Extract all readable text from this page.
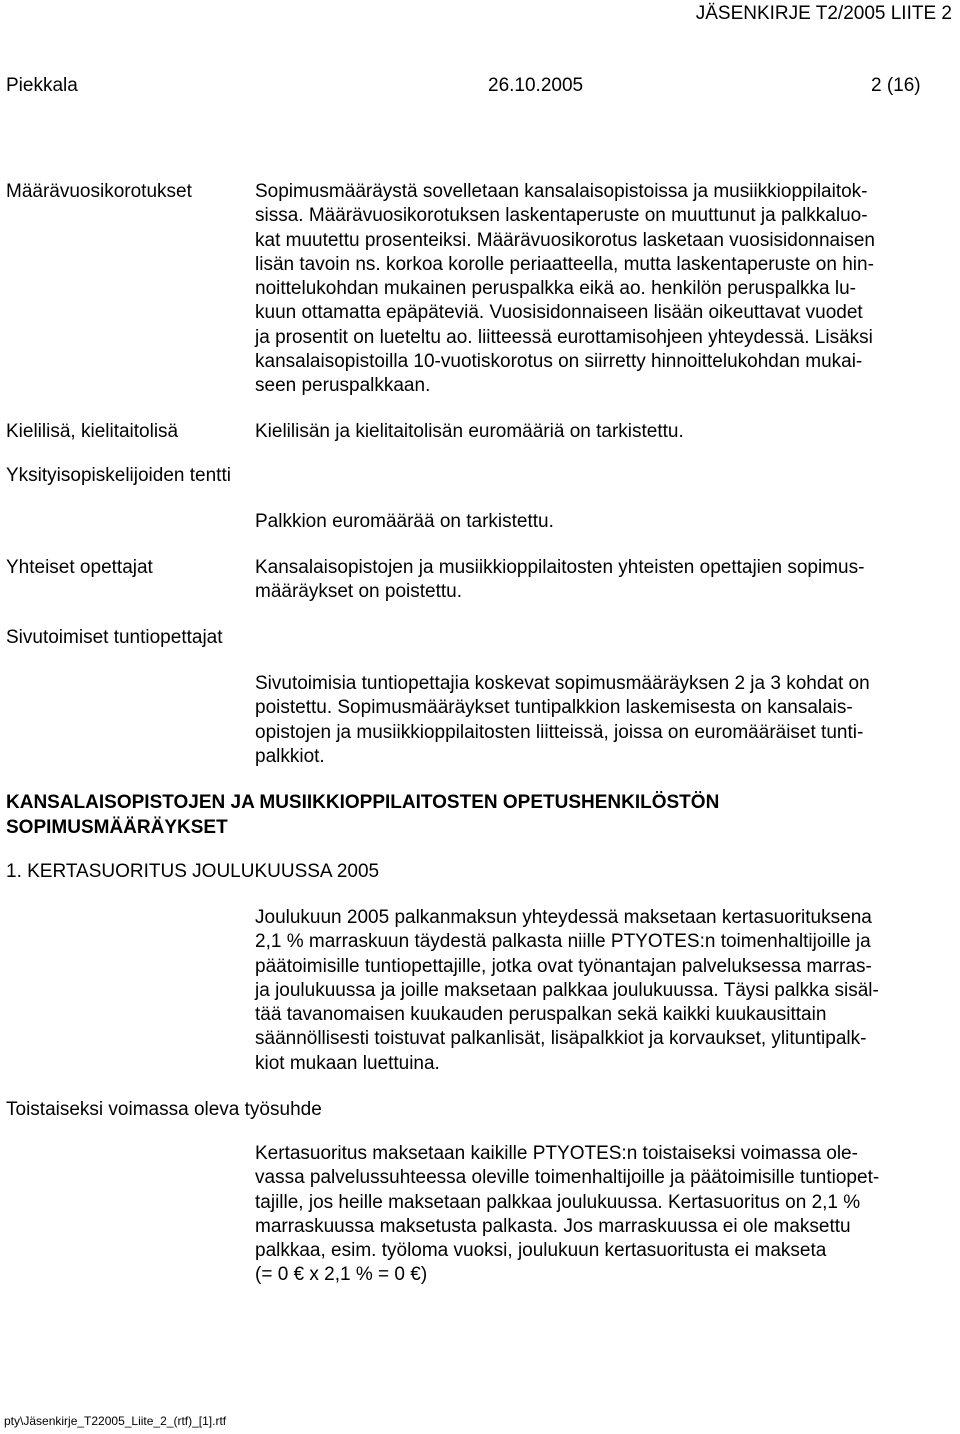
JÄSENKIRJE T2/2005 LIITE 2
Piekkala	26.10.2005	2 (16)
Määrävuosikorotukset	Sopimusmääräystä sovelletaan kansalaisopistoissa ja musiikkioppilaitok-
sissa. Määrävuosikorotuksen laskentaperuste on muuttunut ja palkkaluo-
kat muutettu prosenteiksi. Määrävuosikorotus lasketaan vuosisidonnaisen
lisän tavoin ns. korkoa korolle periaatteella, mutta laskentaperuste on hin-
noittelukohdan mukainen peruspalkka eikä ao. henkilön peruspalkka lu-
kuun ottamatta epäpäteviä. Vuosisidonnaiseen lisään oikeuttavat vuodet
ja prosentit on lueteltu ao. liitteessä eurottamisohjeen yhteydessä. Lisäksi
kansalaisopistoilla 10-vuotiskorotus on siirretty hinnoittelukohdan mukai-
seen peruspalkkaan.
Kielilisä, kielitaitolisä	Kielilisän ja kielitaitolisän euromääriä on tarkistettu.
Yksityisopiskelijoiden tentti
Palkkion euromäärää on tarkistettu.
Yhteiset opettajat	Kansalaisopistojen ja musiikkioppilaitosten yhteisten opettajien sopimus-
määräykset on poistettu.
Sivutoimiset tuntiopettajat
Sivutoimisia tuntiopettajia koskevat sopimusmääräyksen 2 ja 3 kohdat on
poistettu. Sopimusmääräykset tuntipalkkion laskemisesta on kansalais-
opistojen ja musiikkioppilaitosten liitteissä, joissa on euromääräiset tunti-
palkkiot.
KANSALAISOPISTOJEN JA MUSIIKKIOPPILAITOSTEN OPETUSHENKILÖSTÖN
SOPIMUSMÄÄRÄYKSET
1. KERTASUORITUS JOULUKUUSSA 2005
Joulukuun 2005 palkanmaksun yhteydessä maksetaan kertasuorituksena
2,1 % marraskuun täydestä palkasta niille PTYOTES:n toimenhaltijoille ja
päätoimisille tuntiopettajille, jotka ovat työnantajan palveluksessa marras-
ja joulukuussa ja joille maksetaan palkkaa joulukuussa. Täysi palkka sisäl-
tää tavanomaisen kuukauden peruspalkan sekä kaikki kuukausittain
säännöllisesti toistuvat palkanlisät, lisäpalkkiot ja korvaukset, ylituntipalk-
kiot mukaan luettuina.
Toistaiseksi voimassa oleva työsuhde
Kertasuoritus maksetaan kaikille PTYOTES:n toistaiseksi voimassa ole-
vassa palvelussuhteessa oleville toimenhaltijoille ja päätoimisille tuntiopet-
tajille, jos heille maksetaan palkkaa joulukuussa. Kertasuoritus on 2,1 %
marraskuussa maksetusta palkasta. Jos marraskuussa ei ole maksettu
palkkaa, esim. työloma vuoksi, joulukuun kertasuoritusta ei makseta
(= 0 € x 2,1 % = 0 €)
pty\Jäsenkirje_T22005_Liite_2_(rtf)_[1].rtf
